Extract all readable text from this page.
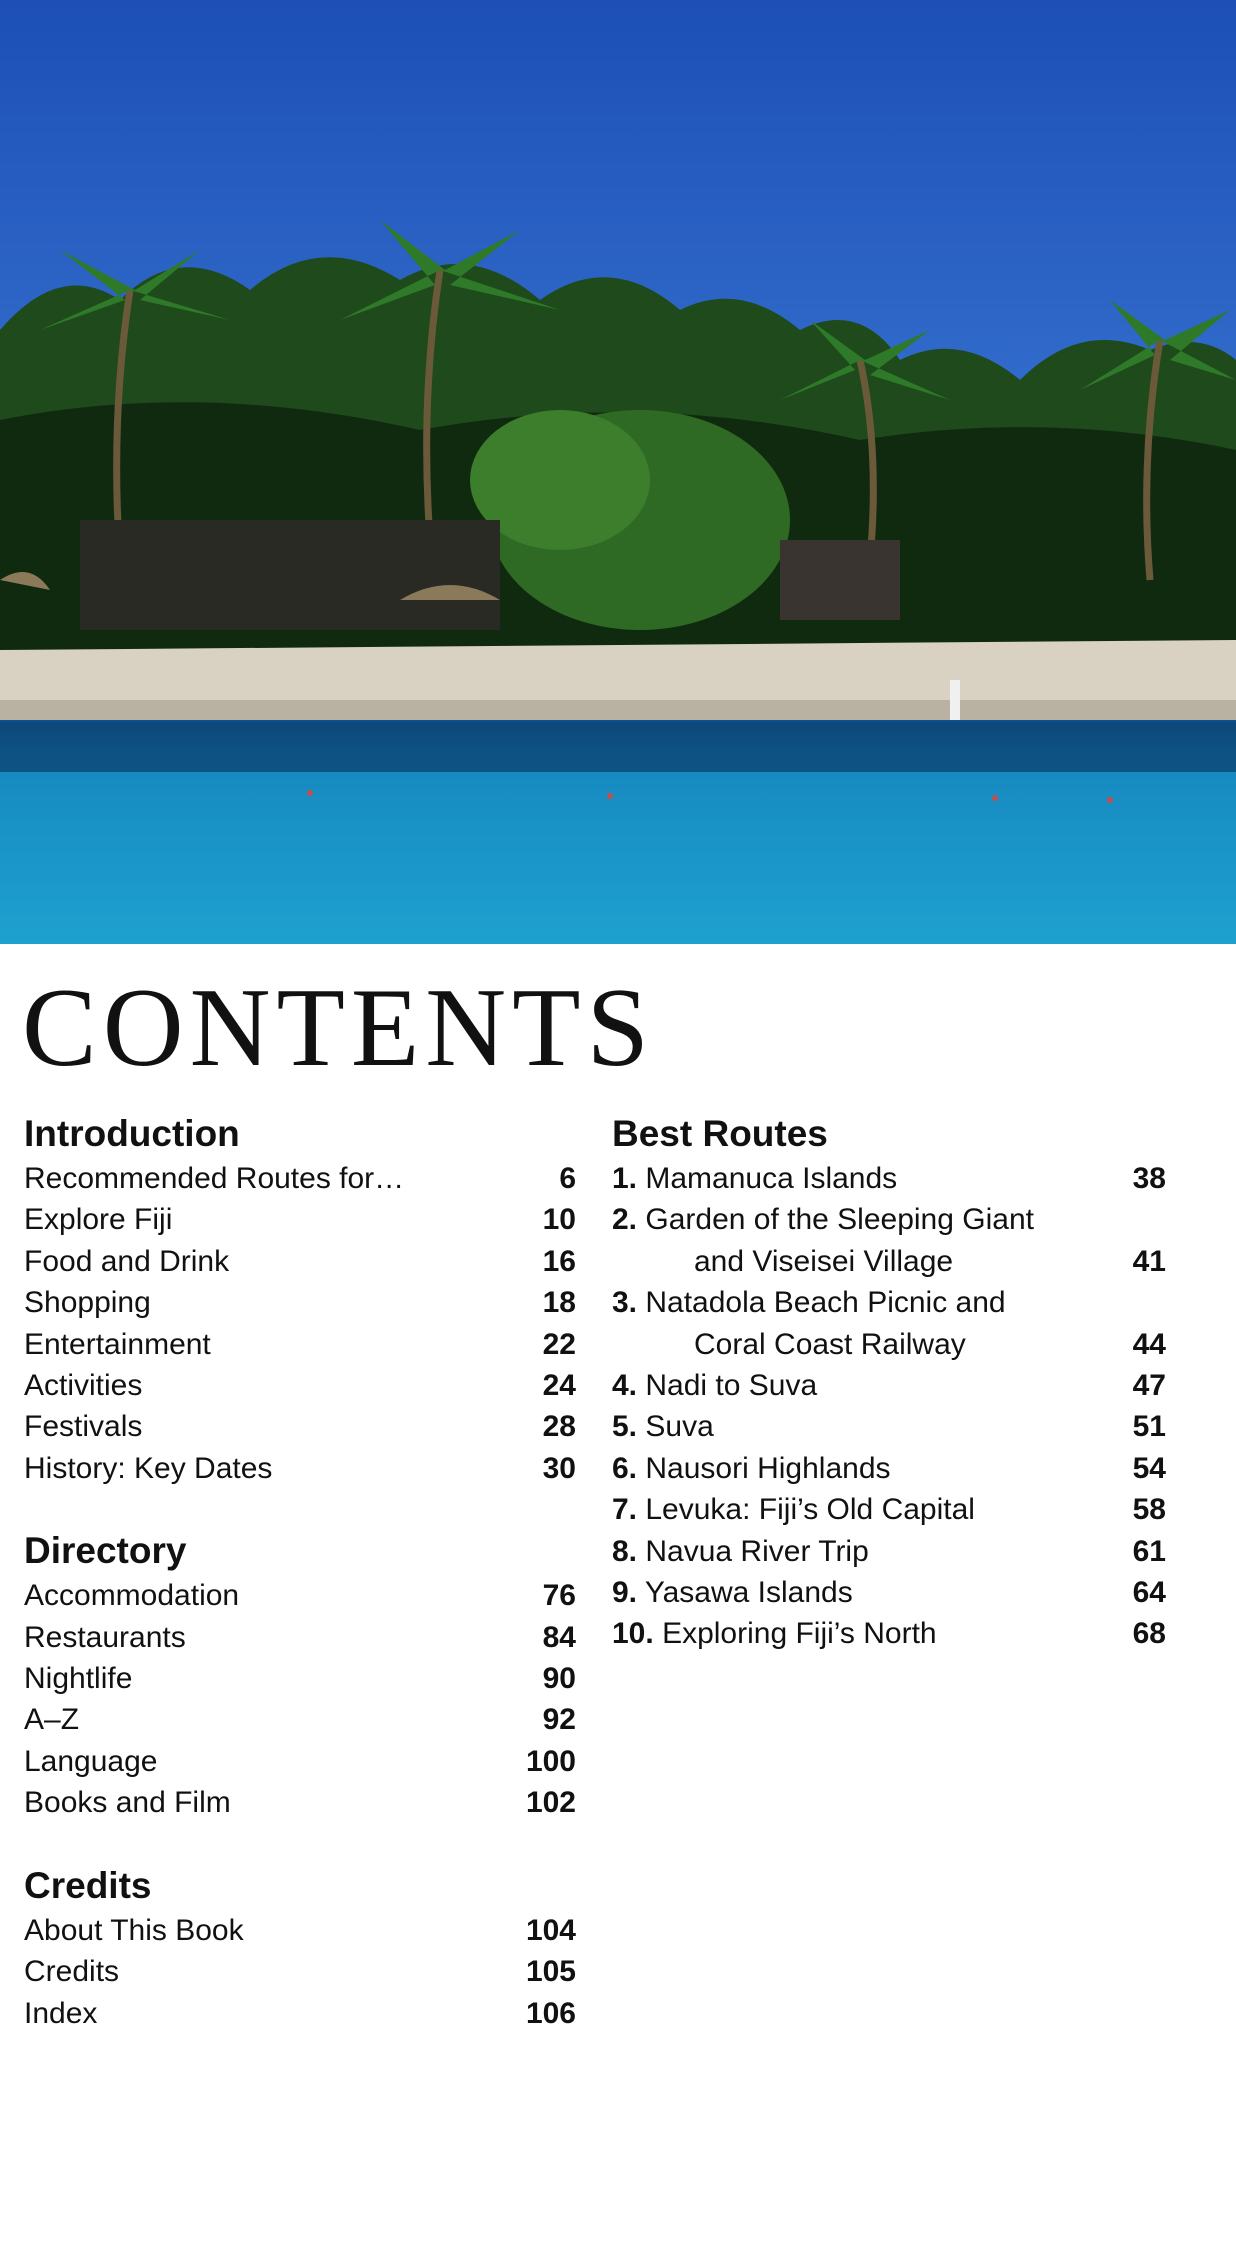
CONTENTS
Introduction
Recommended Routes for…	6
Explore Fiji	10
Food and Drink	16
Shopping	18
Entertainment	22
Activities	24
Festivals	28
History: Key Dates	30
Directory
Accommodation	76
Restaurants	84
Nightlife	90
A–Z	92
Language	100
Books and Film	102
Credits
About This Book	104
Credits	105
Index	106
Best Routes
1. Mamanuca Islands	38
2. Garden of the Sleeping Giant
and Viseisei Village	41
3. Natadola Beach Picnic and
Coral Coast Railway	44
4. Nadi to Suva	47
5. Suva	51
6. Nausori Highlands	54
7. Levuka: Fiji’s Old Capital	58
8. Navua River Trip	61
9. Yasawa Islands	64
10. Exploring Fiji’s North	68
